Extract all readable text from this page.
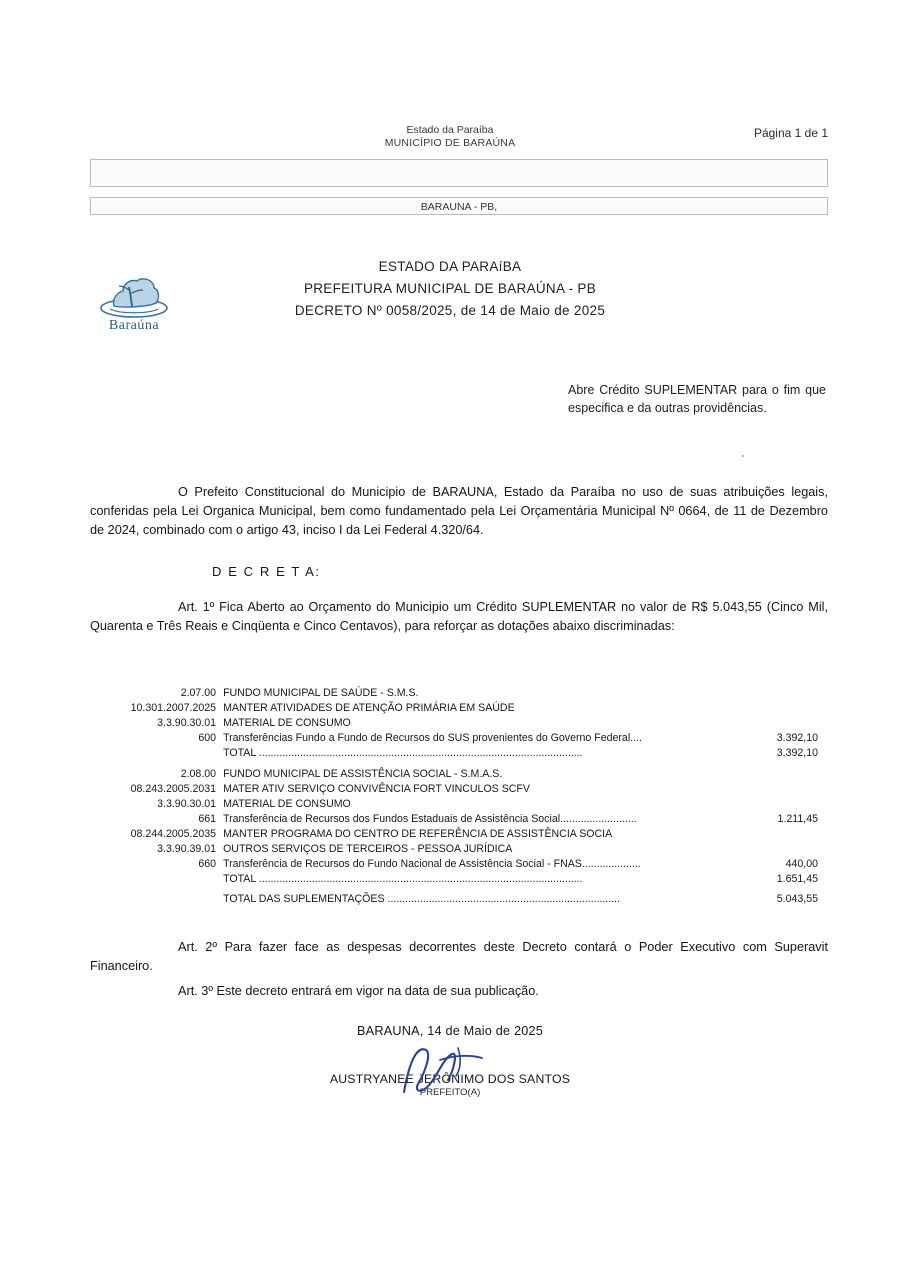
Estado da Paraíba
MUNICÍPIO DE BARAÚNA
Página 1 de 1
BARAUNA - PB,
Baraúna
ESTADO DA PARAíBA
PREFEITURA MUNICIPAL DE BARAÚNA - PB
DECRETO Nº 0058/2025, de 14 de Maio de 2025
Abre Crédito SUPLEMENTAR para o fim que especifica e da outras providências.
O Prefeito Constitucional do Municipio de BARAUNA, Estado da Paraíba no uso de suas atribuições legais, conferidas pela Lei Organica Municipal, bem como fundamentado pela Lei Orçamentária Municipal Nº 0664, de 11 de Dezembro de 2024, combinado com o artigo 43, inciso I da Lei Federal 4.320/64.
D E C R E T A:
Art. 1º Fica Aberto ao Orçamento do Municipio um Crédito SUPLEMENTAR no valor de R$ 5.043,55 (Cinco Mil, Quarenta e Três Reais e Cinqüenta e Cinco Centavos), para reforçar as dotações abaixo discriminadas:
2.07.00	FUNDO MUNICIPAL DE SAÚDE - S.M.S.	
10.301.2007.2025	MANTER ATIVIDADES DE ATENÇÃO PRIMÁRIA EM SAÚDE	
3.3.90.30.01	MATERIAL DE CONSUMO	
600	Transferências Fundo a Fundo de Recursos do SUS provenientes do Governo Federal....	3.392,10
	TOTAL ..............................................................................................................	3.392,10
2.08.00	FUNDO MUNICIPAL DE ASSISTÊNCIA SOCIAL - S.M.A.S.	
08.243.2005.2031	MATER ATIV SERVIÇO CONVIVÊNCIA FORT VINCULOS SCFV	
3.3.90.30.01	MATERIAL DE CONSUMO	
661	Transferência de Recursos dos Fundos Estaduais de Assistência Social..........................	1.211,45
08.244.2005.2035	MANTER PROGRAMA DO CENTRO DE REFERÊNCIA DE ASSISTÊNCIA SOCIA	
3.3.90.39.01	OUTROS SERVIÇOS DE TERCEIROS - PESSOA JURÍDICA	
660	Transferência de Recursos do Fundo Nacional de Assistência Social - FNAS....................	440,00
	TOTAL ..............................................................................................................	1.651,45
	TOTAL DAS SUPLEMENTAÇÕES ...............................................................................	5.043,55
Art. 2º Para fazer face as despesas decorrentes deste Decreto contará o Poder Executivo com Superavit Financeiro.
Art. 3º Este decreto entrará em vigor na data de sua publicação.
BARAUNA, 14 de Maio de 2025
AUSTRYANEE JERÔNIMO DOS SANTOS
PREFEITO(A)
